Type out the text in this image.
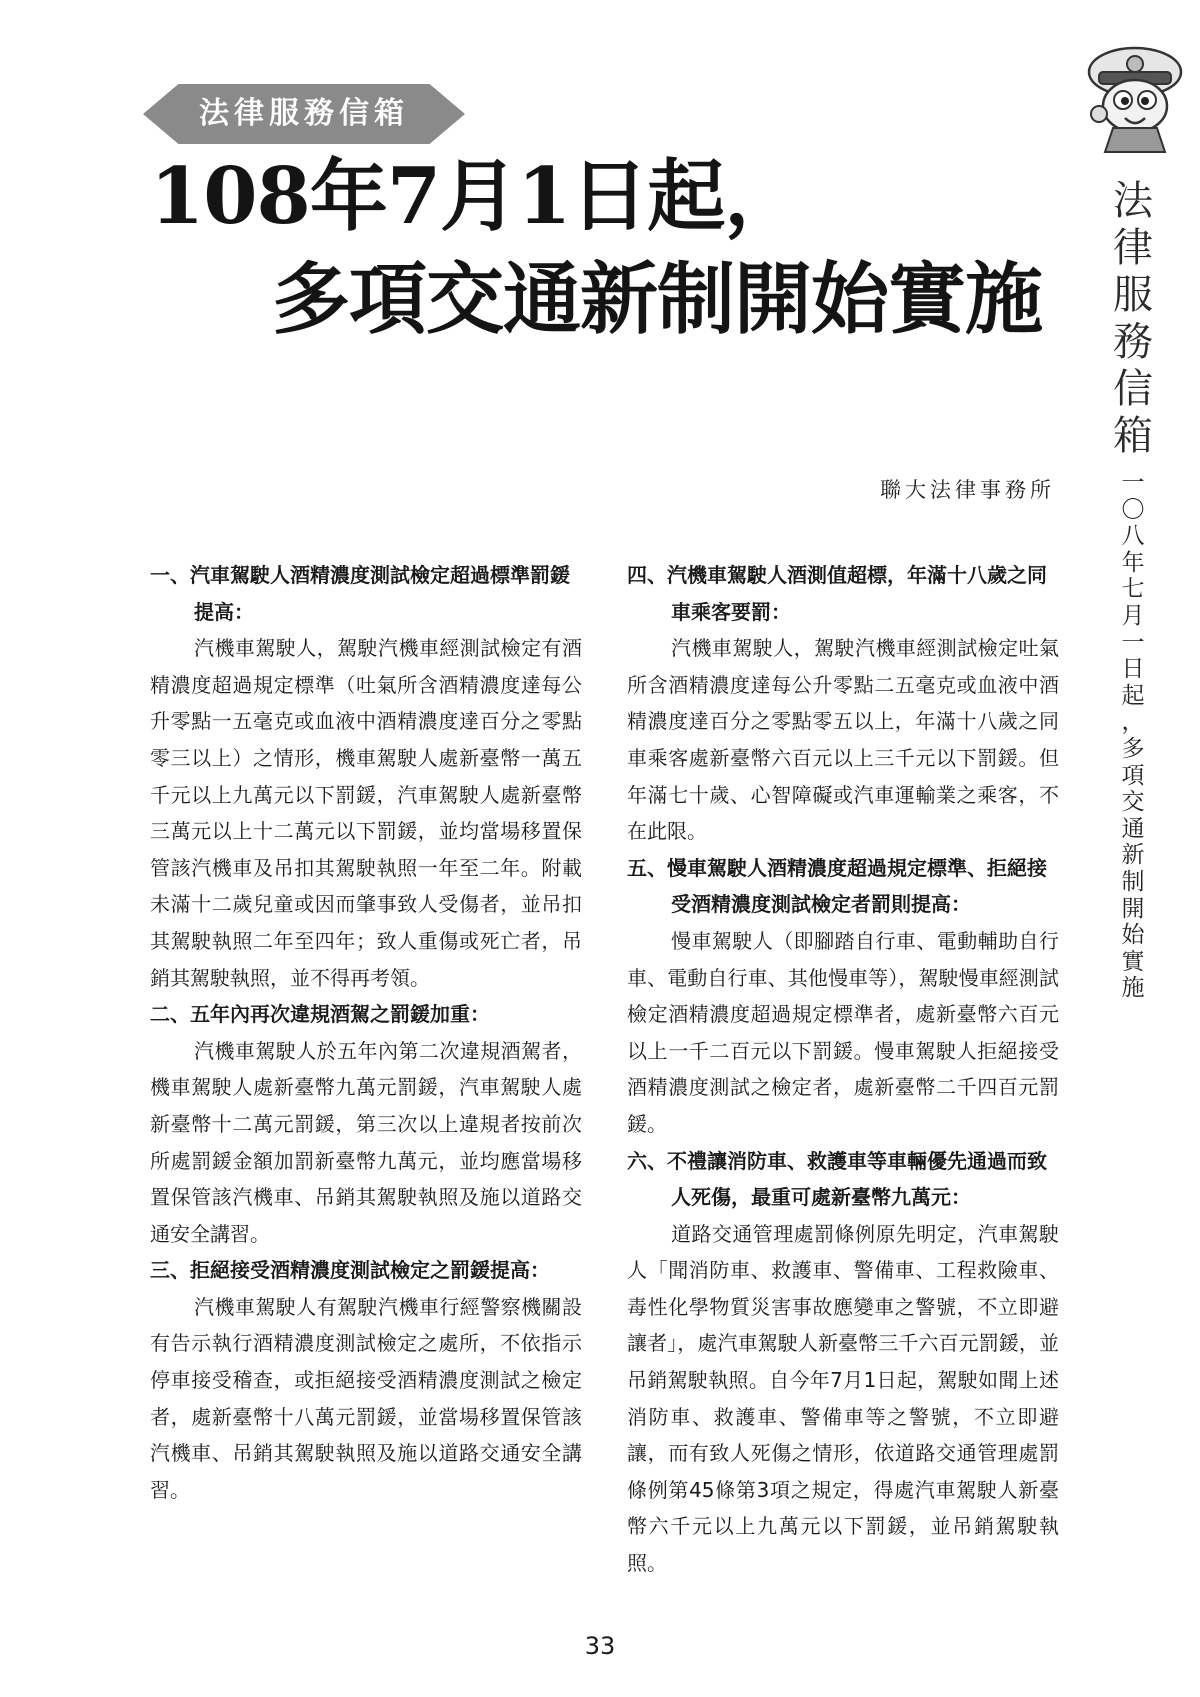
法律服務信箱
108年7月1日起，
多項交通新制開始實施
法
律
服
務
信
箱
一
〇
八
年
七
月
一
日
起
，
多
項
交
通
新
制
開
始
實
施
聯大法律事務所
一、汽車駕駛人酒精濃度測試檢定超過標準罰鍰提高：
汽機車駕駛人，駕駛汽機車經測試檢定有酒精濃度超過規定標準（吐氣所含酒精濃度達每公升零點一五毫克或血液中酒精濃度達百分之零點零三以上）之情形，機車駕駛人處新臺幣一萬五千元以上九萬元以下罰鍰，汽車駕駛人處新臺幣三萬元以上十二萬元以下罰鍰，並均當場移置保管該汽機車及吊扣其駕駛執照一年至二年。附載未滿十二歲兒童或因而肇事致人受傷者，並吊扣其駕駛執照二年至四年；致人重傷或死亡者，吊銷其駕駛執照，並不得再考領。
二、五年內再次違規酒駕之罰鍰加重：
汽機車駕駛人於五年內第二次違規酒駕者，機車駕駛人處新臺幣九萬元罰鍰，汽車駕駛人處新臺幣十二萬元罰鍰，第三次以上違規者按前次所處罰鍰金額加罰新臺幣九萬元，並均應當場移置保管該汽機車、吊銷其駕駛執照及施以道路交通安全講習。
三、拒絕接受酒精濃度測試檢定之罰鍰提高：
汽機車駕駛人有駕駛汽機車行經警察機關設有告示執行酒精濃度測試檢定之處所，不依指示停車接受稽查，或拒絕接受酒精濃度測試之檢定者，處新臺幣十八萬元罰鍰，並當場移置保管該汽機車、吊銷其駕駛執照及施以道路交通安全講習。
四、汽機車駕駛人酒測值超標，年滿十八歲之同車乘客要罰：
汽機車駕駛人，駕駛汽機車經測試檢定吐氣所含酒精濃度達每公升零點二五毫克或血液中酒精濃度達百分之零點零五以上，年滿十八歲之同車乘客處新臺幣六百元以上三千元以下罰鍰。但年滿七十歲、心智障礙或汽車運輸業之乘客，不在此限。
五、慢車駕駛人酒精濃度超過規定標準、拒絕接受酒精濃度測試檢定者罰則提高：
慢車駕駛人（即腳踏自行車、電動輔助自行車、電動自行車、其他慢車等），駕駛慢車經測試檢定酒精濃度超過規定標準者，處新臺幣六百元以上一千二百元以下罰鍰。慢車駕駛人拒絕接受酒精濃度測試之檢定者，處新臺幣二千四百元罰鍰。
六、不禮讓消防車、救護車等車輛優先通過而致人死傷，最重可處新臺幣九萬元：
道路交通管理處罰條例原先明定，汽車駕駛人「聞消防車、救護車、警備車、工程救險車、毒性化學物質災害事故應變車之警號，不立即避讓者」，處汽車駕駛人新臺幣三千六百元罰鍰，並吊銷駕駛執照。自今年7月1日起，駕駛如聞上述消防車、救護車、警備車等之警號，不立即避讓，而有致人死傷之情形，依道路交通管理處罰條例第45條第3項之規定，得處汽車駕駛人新臺幣六千元以上九萬元以下罰鍰，並吊銷駕駛執照。
33
